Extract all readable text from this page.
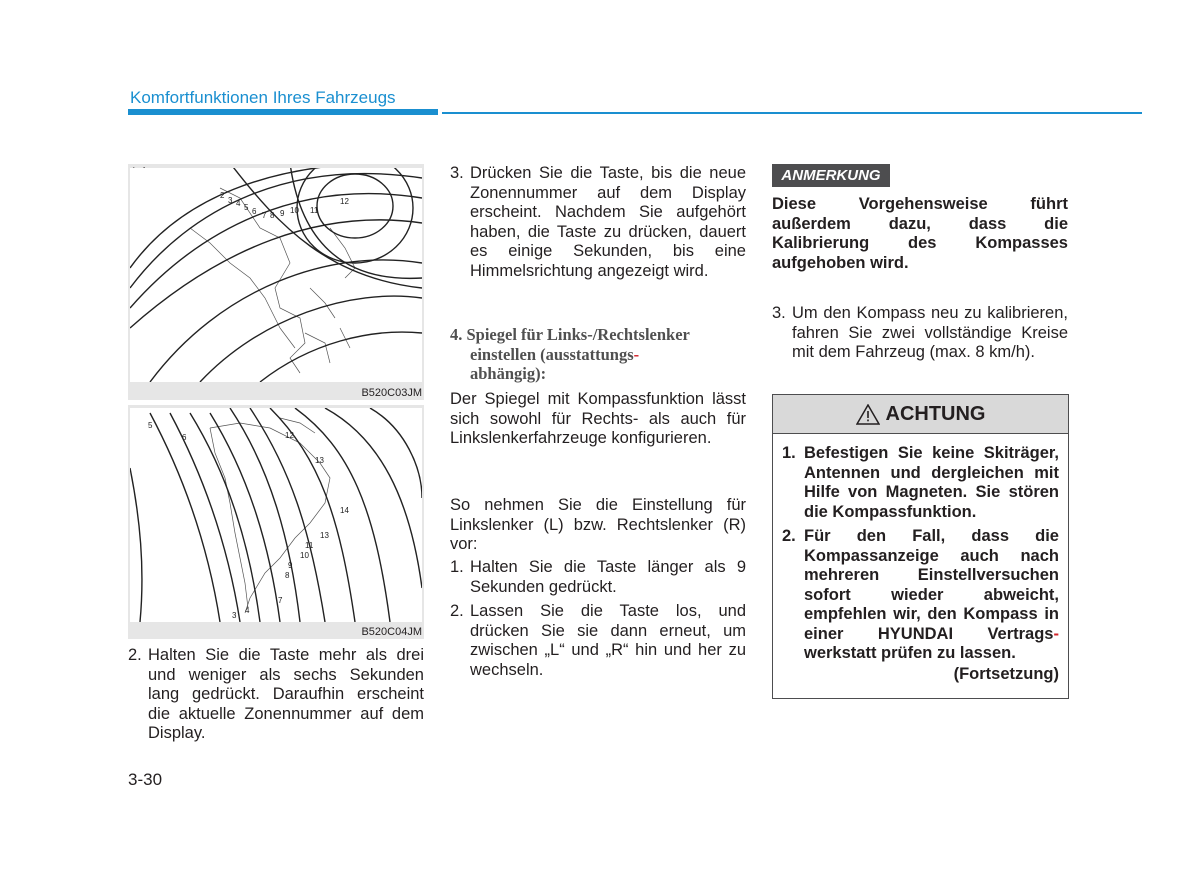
Komfortfunktionen Ihres Fahrzeugs
Asien
2
3 4 5 6 7 8 9 10 11
12
B520C03JM
Südamerika
3
4
5
6
7
8
9
10
11
12
13
13
14
B520C04JM
2. Halten Sie die Taste mehr als drei und weniger als sechs Sekunden lang gedrückt. Daraufhin erscheint die aktuelle Zonennummer auf dem Display.
3. Drücken Sie die Taste, bis die neue Zonennummer auf dem Display erscheint. Nachdem Sie aufgehört haben, die Taste zu drücken, dauert es einige Sekunden, bis eine Himmelsrichtung angezeigt wird.
4. Spiegel für Links-/Rechtslenker
einstellen (ausstattungs-
abhängig):
Der Spiegel mit Kompassfunktion lässt sich sowohl für Rechts- als auch für Linkslenkerfahrzeuge konfigurieren.
So nehmen Sie die Einstellung für Linkslenker (L) bzw. Rechtslenker (R) vor:
1. Halten Sie die Taste länger als 9 Sekunden gedrückt.
2. Lassen Sie die Taste los, und drücken Sie sie dann erneut, um zwischen „L“ und „R“ hin und her zu wechseln.
ANMERKUNG
Diese Vorgehensweise führt außerdem dazu, dass die Kalibrierung des Kompasses aufgehoben wird.
3. Um den Kompass neu zu kalibrieren, fahren Sie zwei vollständige Kreise mit dem Fahrzeug (max. 8 km/h).
ACHTUNG
1. Befestigen Sie keine Skiträger, Antennen und dergleichen mit Hilfe von Magneten. Sie stören die Kompassfunktion.
2. Für den Fall, dass die Kompassanzeige auch nach mehreren Einstellversuchen sofort wieder abweicht, empfehlen wir, den Kompass in einer HYUNDAI Vertrags- werkstatt prüfen zu lassen.
(Fortsetzung)
3-30
